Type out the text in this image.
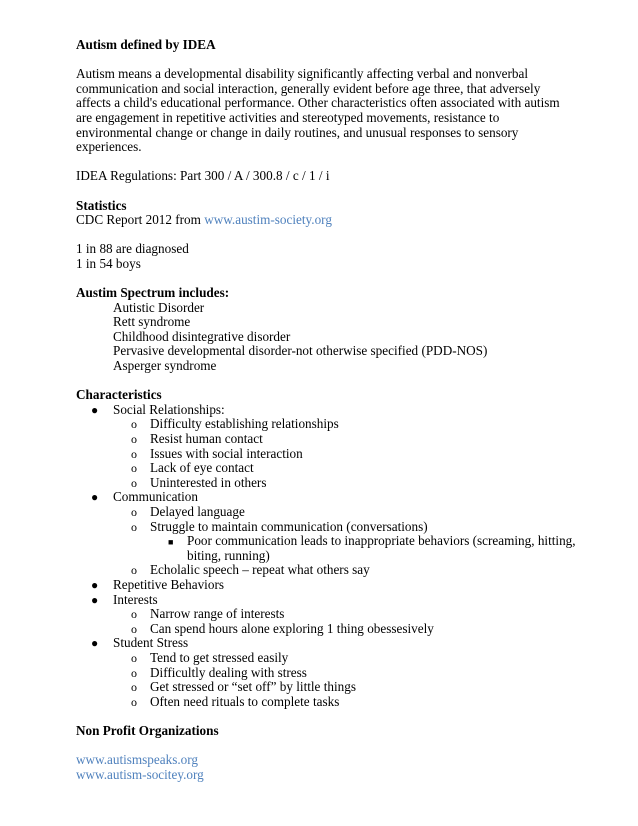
Autism defined by IDEA

Autism means a developmental disability significantly affecting verbal and nonverbal communication and social interaction, generally evident before age three, that adversely affects a child's educational performance. Other characteristics often associated with autism are engagement in repetitive activities and stereotyped movements, resistance to environmental change or change in daily routines, and unusual responses to sensory experiences.

IDEA Regulations: Part 300 / A / 300.8 / c / 1 / i

Statistics

CDC Report 2012 from www.austim-society.org

1 in 88 are diagnosed

1 in 54 boys

Austim Spectrum includes:

Autistic Disorder

Rett syndrome

Childhood disintegrative disorder

Pervasive developmental disorder-not otherwise specified (PDD-NOS)

Asperger syndrome

Characteristics

● Social Relationships:
o Difficulty establishing relationships
o Resist human contact
o Issues with social interaction
o Lack of eye contact
o Uninterested in others
● Communication
o Delayed language
o Struggle to maintain communication (conversations)
■ Poor communication leads to inappropriate behaviors (screaming, hitting, biting, running)
o Echolalic speech – repeat what others say
● Repetitive Behaviors
● Interests
o Narrow range of interests
o Can spend hours alone exploring 1 thing obessesively
● Student Stress
o Tend to get stressed easily
o Difficultly dealing with stress
o Get stressed or “set off” by little things
o Often need rituals to complete tasks

Non Profit Organizations

www.autismspeaks.org

www.autism-socitey.org
